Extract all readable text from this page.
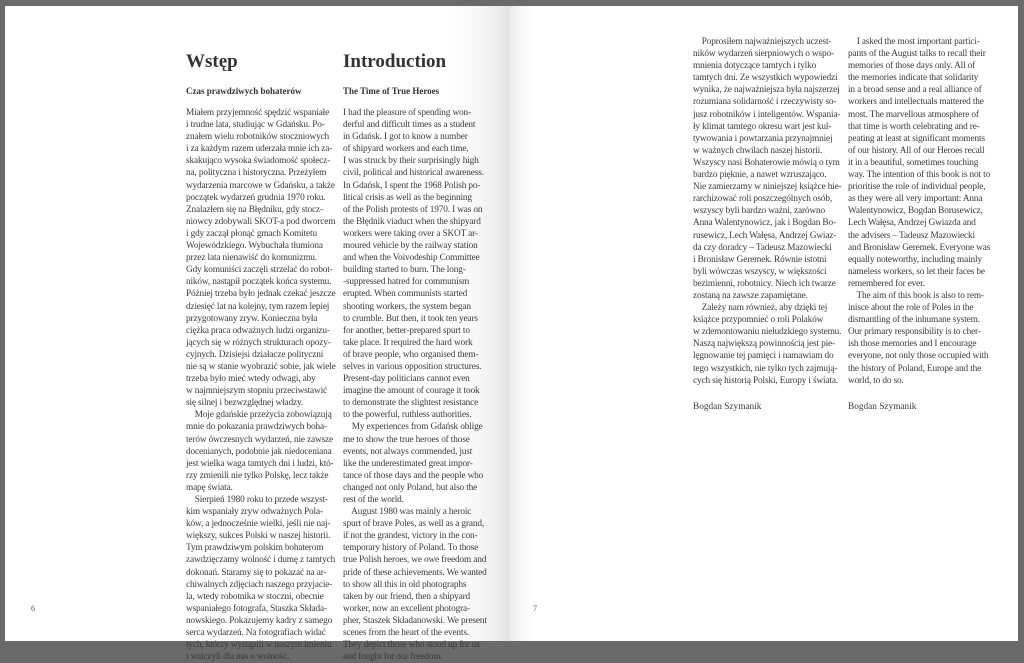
Wstęp
Czas prawdziwych bohaterów

Miałem przyjemność spędzić wspaniałe
i trudne lata, studiując w Gdańsku. Po-
znałem wielu robotników stoczniowych
i za każdym razem uderzała mnie ich za-
skakująco wysoka świadomość społecz-
na, polityczna i historyczna. Przeżyłem
wydarzenia marcowe w Gdańsku, a także
początek wydarzeń grudnia 1970 roku.
Znalazłem się na Błędniku, gdy stocz-
niowcy zdobywali SKOT-a pod dworcem
i gdy zaczął płonąć gmach Komitetu
Wojewódzkiego. Wybuchała tłumiona
przez lata nienawiść do komunizmu.
Gdy komuniści zaczęli strzelać do robot-
ników, nastąpił początek końca systemu.
Później trzeba było jednak czekać jeszcze
dziesięć lat na kolejny, tym razem lepiej
przygotowany zryw. Konieczna była
ciężka praca odważnych ludzi organizu-
jących się w różnych strukturach opozy-
cyjnych. Dzisiejsi działacze polityczni
nie są w stanie wyobrazić sobie, jak wiele
trzeba było mieć wtedy odwagi, aby
w najmniejszym stopniu przeciwstawić
się silnej i bezwzględnej władzy.
Moje gdańskie przeżycia zobowiązują
mnie do pokazania prawdziwych boha-
terów ówczesnych wydarzeń, nie zawsze
docenianych, podobnie jak niedoceniana
jest wielka waga tamtych dni i ludzi, któ-
rzy zmienili nie tylko Polskę, lecz także
mapę świata.
Sierpień 1980 roku to przede wszyst-
kim wspaniały zryw odważnych Pola-
ków, a jednocześnie wielki, jeśli nie naj-
większy, sukces Polski w naszej historii.
Tym prawdziwym polskim bohaterom
zawdzięczamy wolność i dumę z tamtych
dokonań. Staramy się to pokazać na ar-
chiwalnych zdjęciach naszego przyjacie-
la, wtedy robotnika w stoczni, obecnie
wspaniałego fotografa, Staszka Składa-
nowskiego. Pokazujemy kadry z samego
serca wydarzeń. Na fotografiach widać
tych, którzy wystąpili w naszym imieniu
i walczyli dla nas o wolność.

Introduction
The Time of True Heroes

I had the pleasure of spending won-
derful and difficult times as a student
in Gdańsk. I got to know a number
of shipyard workers and each time,
I was struck by their surprisingly high
civil, political and historical awareness.
In Gdańsk, I spent the 1968 Polish po-
litical crisis as well as the beginning
of the Polish protests of 1970. I was on
the Błędnik viaduct when the shipyard
workers were taking over a SKOT ar-
moured vehicle by the railway station
and when the Voivodeship Committee
building started to burn. The long-
-suppressed hatred for communism
erupted. When communists started
shooting workers, the system began
to crumble. But then, it took ten years
for another, better-prepared spurt to
take place. It required the hard work
of brave people, who organised them-
selves in various opposition structures.
Present-day politicians cannot even
imagine the amount of courage it took
to demonstrate the slightest resistance
to the powerful, ruthless authorities.
My experiences from Gdańsk oblige
me to show the true heroes of those
events, not always commended, just
like the underestimated great impor-
tance of those days and the people who
changed not only Poland, but also the
rest of the world.
August 1980 was mainly a heroic
spurt of brave Poles, as well as a grand,
if not the grandest, victory in the con-
temporary history of Poland. To those
true Polish heroes, we owe freedom and
pride of these achievements. We wanted
to show all this in old photographs
taken by our friend, then a shipyard
worker, now an excellent photogra-
pher, Staszek Składanowski. We present
scenes from the heart of the events.
They depict those who stood up for us
and fought for our freedom.

6

Poprosiłem najważniejszych uczest-
ników wydarzeń sierpniowych o wspo-
mnienia dotyczące tamtych i tylko
tamtych dni. Ze wszystkich wypowiedzi
wynika, że najważniejsza była najszerzej
rozumiana solidarność i rzeczywisty so-
jusz robotników i inteligentów. Wspania-
ły klimat tamtego okresu wart jest kul-
tywowania i powtarzania przynajmniej
w ważnych chwilach naszej historii.
Wszyscy nasi Bohaterowie mówią o tym
bardzo pięknie, a nawet wzruszająco.
Nie zamierzamy w niniejszej książce hie-
rarchizować roli poszczególnych osób,
wszyscy byli bardzo ważni, zarówno
Anna Walentynowicz, jak i Bogdan Bo-
rusewicz, Lech Wałęsa, Andrzej Gwiaz-
da czy doradcy – Tadeusz Mazowiecki
i Bronisław Geremek. Równie istotni
byli wówczas wszyscy, w większości
bezimienni, robotnicy. Niech ich twarze
zostaną na zawsze zapamiętane.
Zależy nam również, aby dzięki tej
książce przypomnieć o roli Polaków
w zdemontowaniu nieludzkiego systemu.
Naszą największą powinnością jest pie-
lęgnowanie tej pamięci i namawiam do
tego wszystkich, nie tylko tych zajmują-
cych się historią Polski, Europy i świata.

Bogdan Szymanik

I asked the most important partici-
pants of the August talks to recall their
memories of those days only. All of
the memories indicate that solidarity
in a broad sense and a real alliance of
workers and intellectuals mattered the
most. The marvellous atmosphere of
that time is worth celebrating and re-
peating at least at significant moments
of our history. All of our Heroes recall
it in a beautiful, sometimes touching
way. The intention of this book is not to
prioritise the role of individual people,
as they were all very important: Anna
Walentynowicz, Bogdan Borusewicz,
Lech Wałęsa, Andrzej Gwiazda and
the advisers – Tadeusz Mazowiecki
and Bronisław Geremek. Everyone was
equally noteworthy, including mainly
nameless workers, so let their faces be
remembered for ever.
The aim of this book is also to rem-
inisce about the role of Poles in the
dismantling of the inhumane system.
Our primary responsibility is to cher-
ish those memories and I encourage
everyone, not only those occupied with
the history of Poland, Europe and the
world, to do so.

Bogdan Szymanik

7
